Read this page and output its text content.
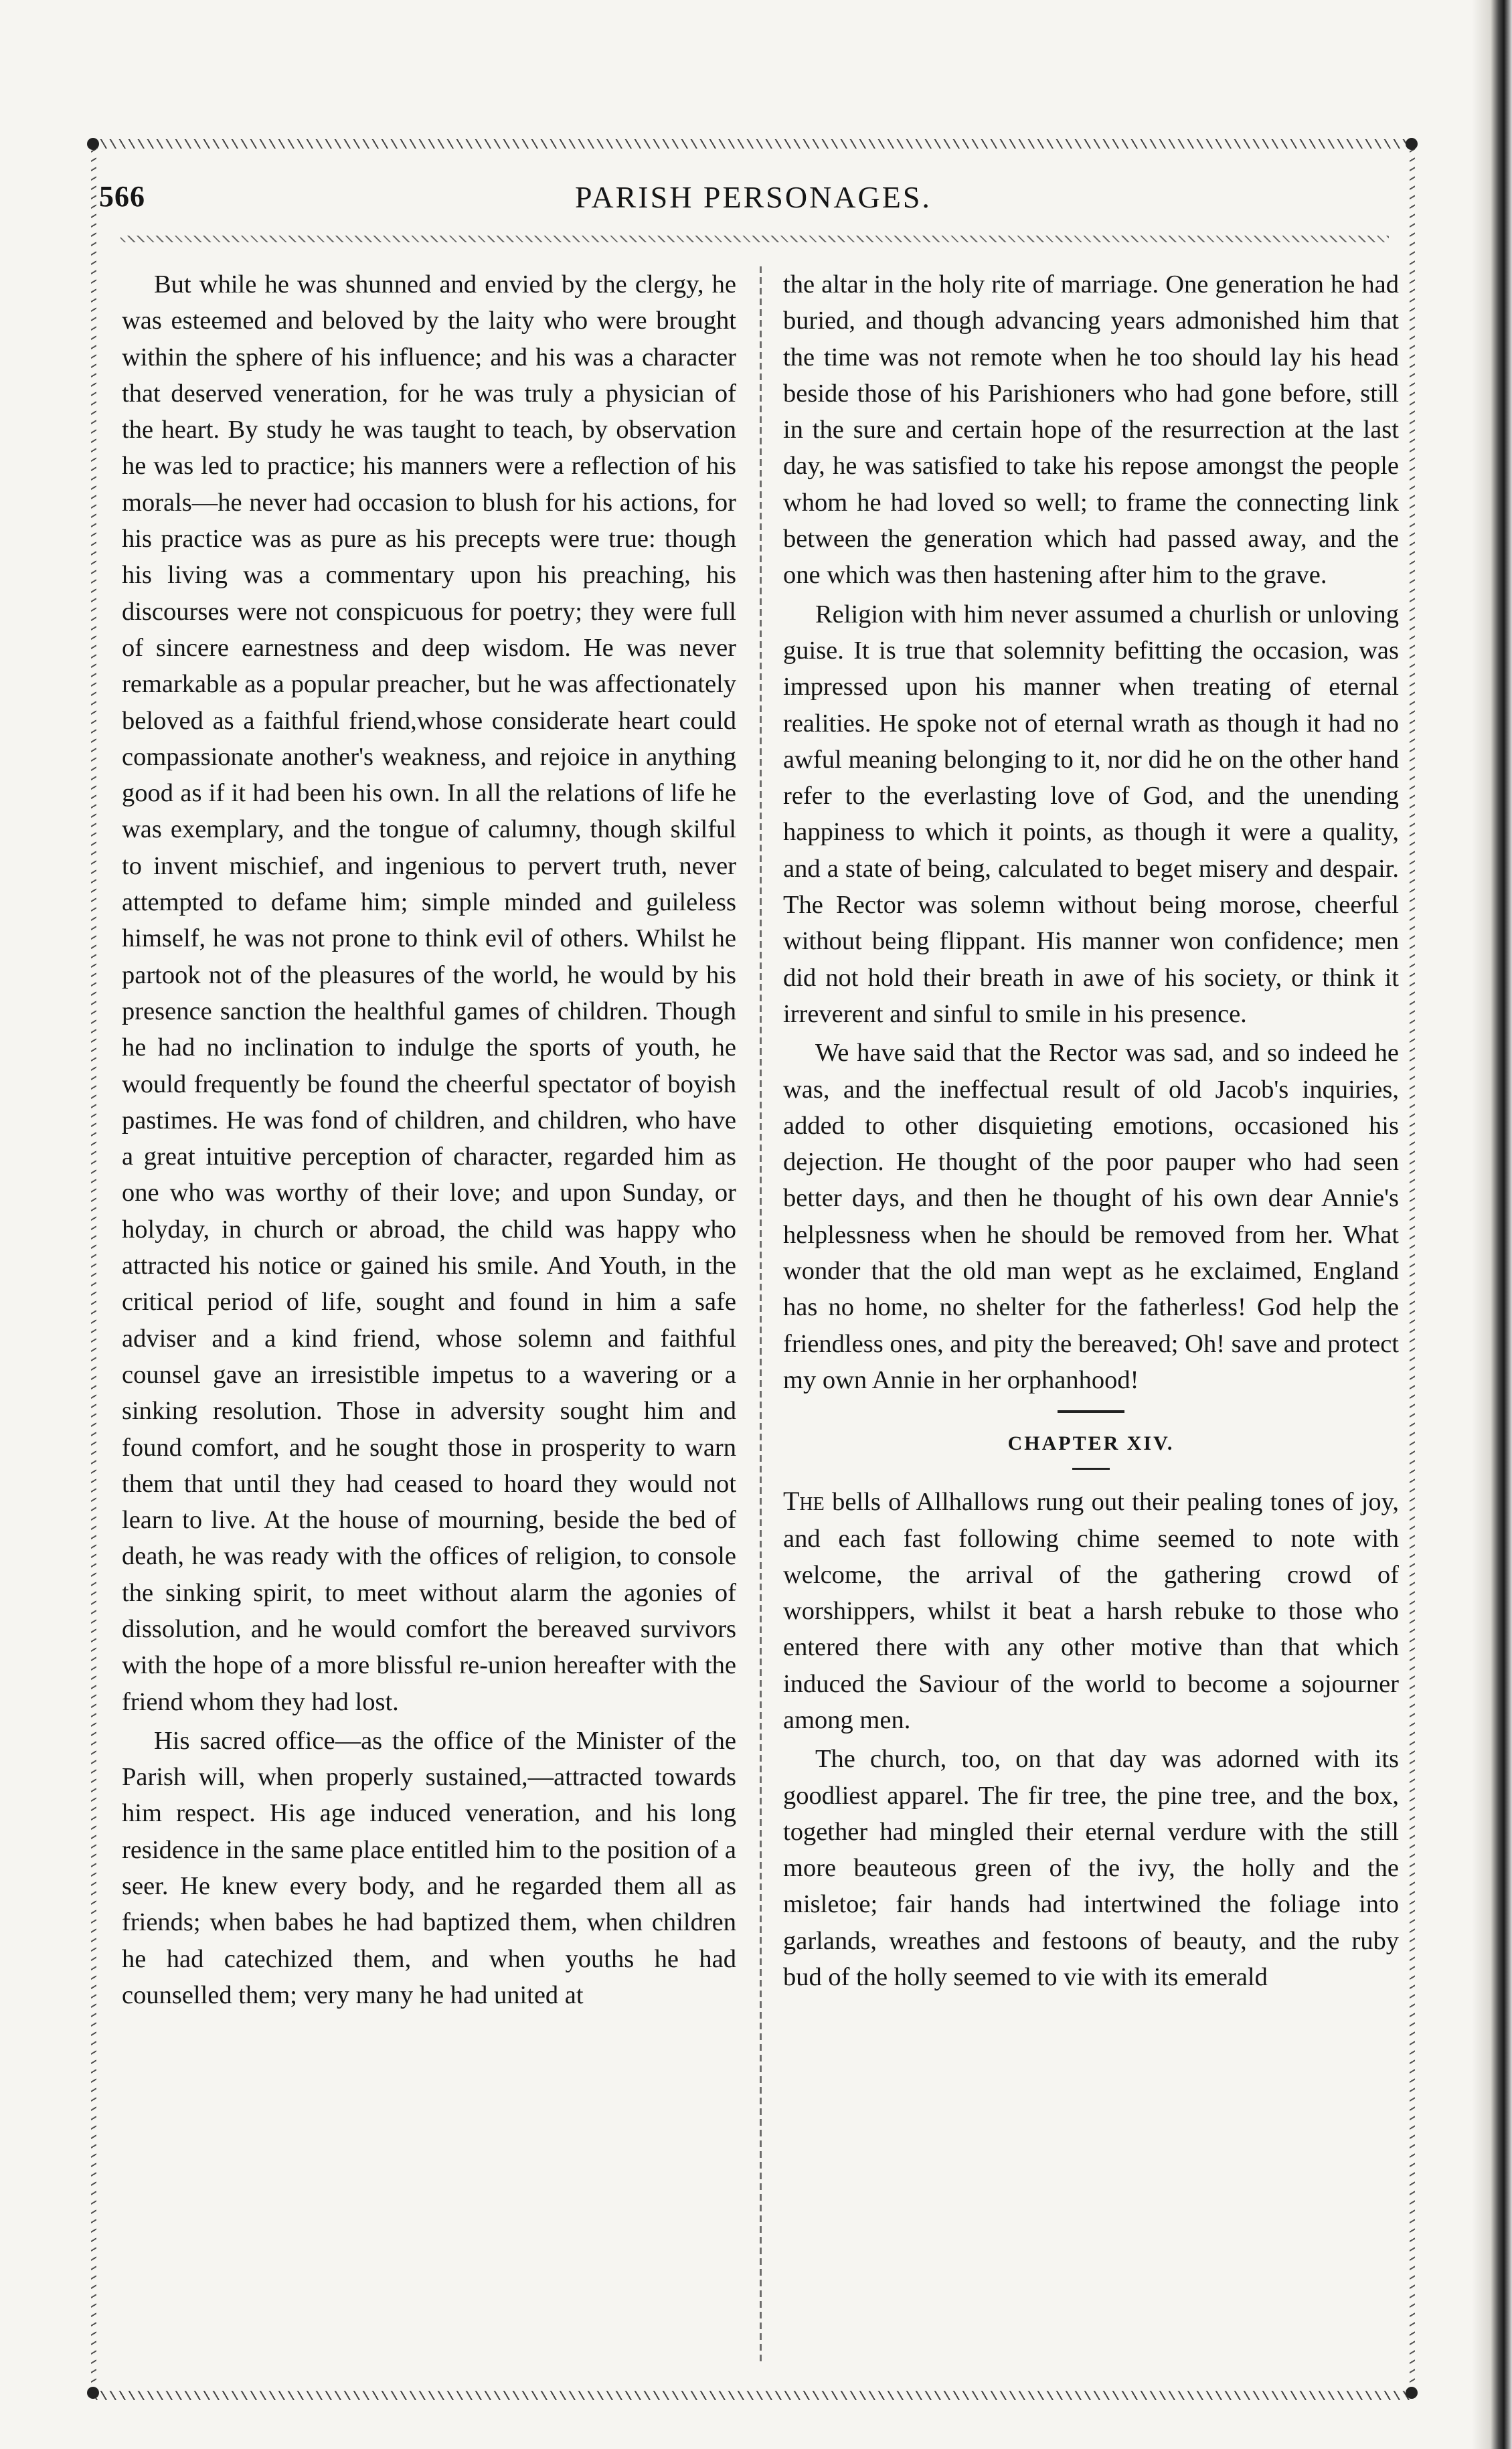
566	PARISH PERSONAGES.

But while he was shunned and envied by the clergy, he was esteemed and beloved by the laity who were brought within the sphere of his influence; and his was a character that deserved veneration, for he was truly a physician of the heart. By study he was taught to teach, by observation he was led to practice; his manners were a reflection of his morals—he never had occasion to blush for his actions, for his practice was as pure as his precepts were true: though his living was a commentary upon his preaching, his discourses were not conspicuous for poetry; they were full of sincere earnestness and deep wisdom. He was never remarkable as a popular preacher, but he was affectionately beloved as a faithful friend,whose considerate heart could compassionate another's weakness, and rejoice in anything good as if it had been his own. In all the relations of life he was exemplary, and the tongue of calumny, though skilful to invent mischief, and ingenious to pervert truth, never attempted to defame him; simple minded and guileless himself, he was not prone to think evil of others. Whilst he partook not of the pleasures of the world, he would by his presence sanction the healthful games of children. Though he had no inclination to indulge the sports of youth, he would frequently be found the cheerful spectator of boyish pastimes. He was fond of children, and children, who have a great intuitive perception of character, regarded him as one who was worthy of their love; and upon Sunday, or holyday, in church or abroad, the child was happy who attracted his notice or gained his smile. And Youth, in the critical period of life, sought and found in him a safe adviser and a kind friend, whose solemn and faithful counsel gave an irresistible impetus to a wavering or a sinking resolution. Those in adversity sought him and found comfort, and he sought those in prosperity to warn them that until they had ceased to hoard they would not learn to live. At the house of mourning, beside the bed of death, he was ready with the offices of religion, to console the sinking spirit, to meet without alarm the agonies of dissolution, and he would comfort the bereaved survivors with the hope of a more blissful re-union hereafter with the friend whom they had lost.

His sacred office—as the office of the Minister of the Parish will, when properly sustained,—attracted towards him respect. His age induced veneration, and his long residence in the same place entitled him to the position of a seer. He knew every body, and he regarded them all as friends; when babes he had baptized them, when children he had catechized them, and when youths he had counselled them; very many he had united at

the altar in the holy rite of marriage. One generation he had buried, and though advancing years admonished him that the time was not remote when he too should lay his head beside those of his Parishioners who had gone before, still in the sure and certain hope of the resurrection at the last day, he was satisfied to take his repose amongst the people whom he had loved so well; to frame the connecting link between the generation which had passed away, and the one which was then hastening after him to the grave.

Religion with him never assumed a churlish or unloving guise. It is true that solemnity befitting the occasion, was impressed upon his manner when treating of eternal realities. He spoke not of eternal wrath as though it had no awful meaning belonging to it, nor did he on the other hand refer to the everlasting love of God, and the unending happiness to which it points, as though it were a quality, and a state of being, calculated to beget misery and despair. The Rector was solemn without being morose, cheerful without being flippant. His manner won confidence; men did not hold their breath in awe of his society, or think it irreverent and sinful to smile in his presence.

We have said that the Rector was sad, and so indeed he was, and the ineffectual result of old Jacob's inquiries, added to other disquieting emotions, occasioned his dejection. He thought of the poor pauper who had seen better days, and then he thought of his own dear Annie's helplessness when he should be removed from her. What wonder that the old man wept as he exclaimed, England has no home, no shelter for the fatherless! God help the friendless ones, and pity the bereaved; Oh! save and protect my own Annie in her orphanhood!

CHAPTER XIV.

The bells of Allhallows rung out their pealing tones of joy, and each fast following chime seemed to note with welcome, the arrival of the gathering crowd of worshippers, whilst it beat a harsh rebuke to those who entered there with any other motive than that which induced the Saviour of the world to become a sojourner among men.

The church, too, on that day was adorned with its goodliest apparel. The fir tree, the pine tree, and the box, together had mingled their eternal verdure with the still more beauteous green of the ivy, the holly and the misletoe; fair hands had intertwined the foliage into garlands, wreathes and festoons of beauty, and the ruby bud of the holly seemed to vie with its emerald
